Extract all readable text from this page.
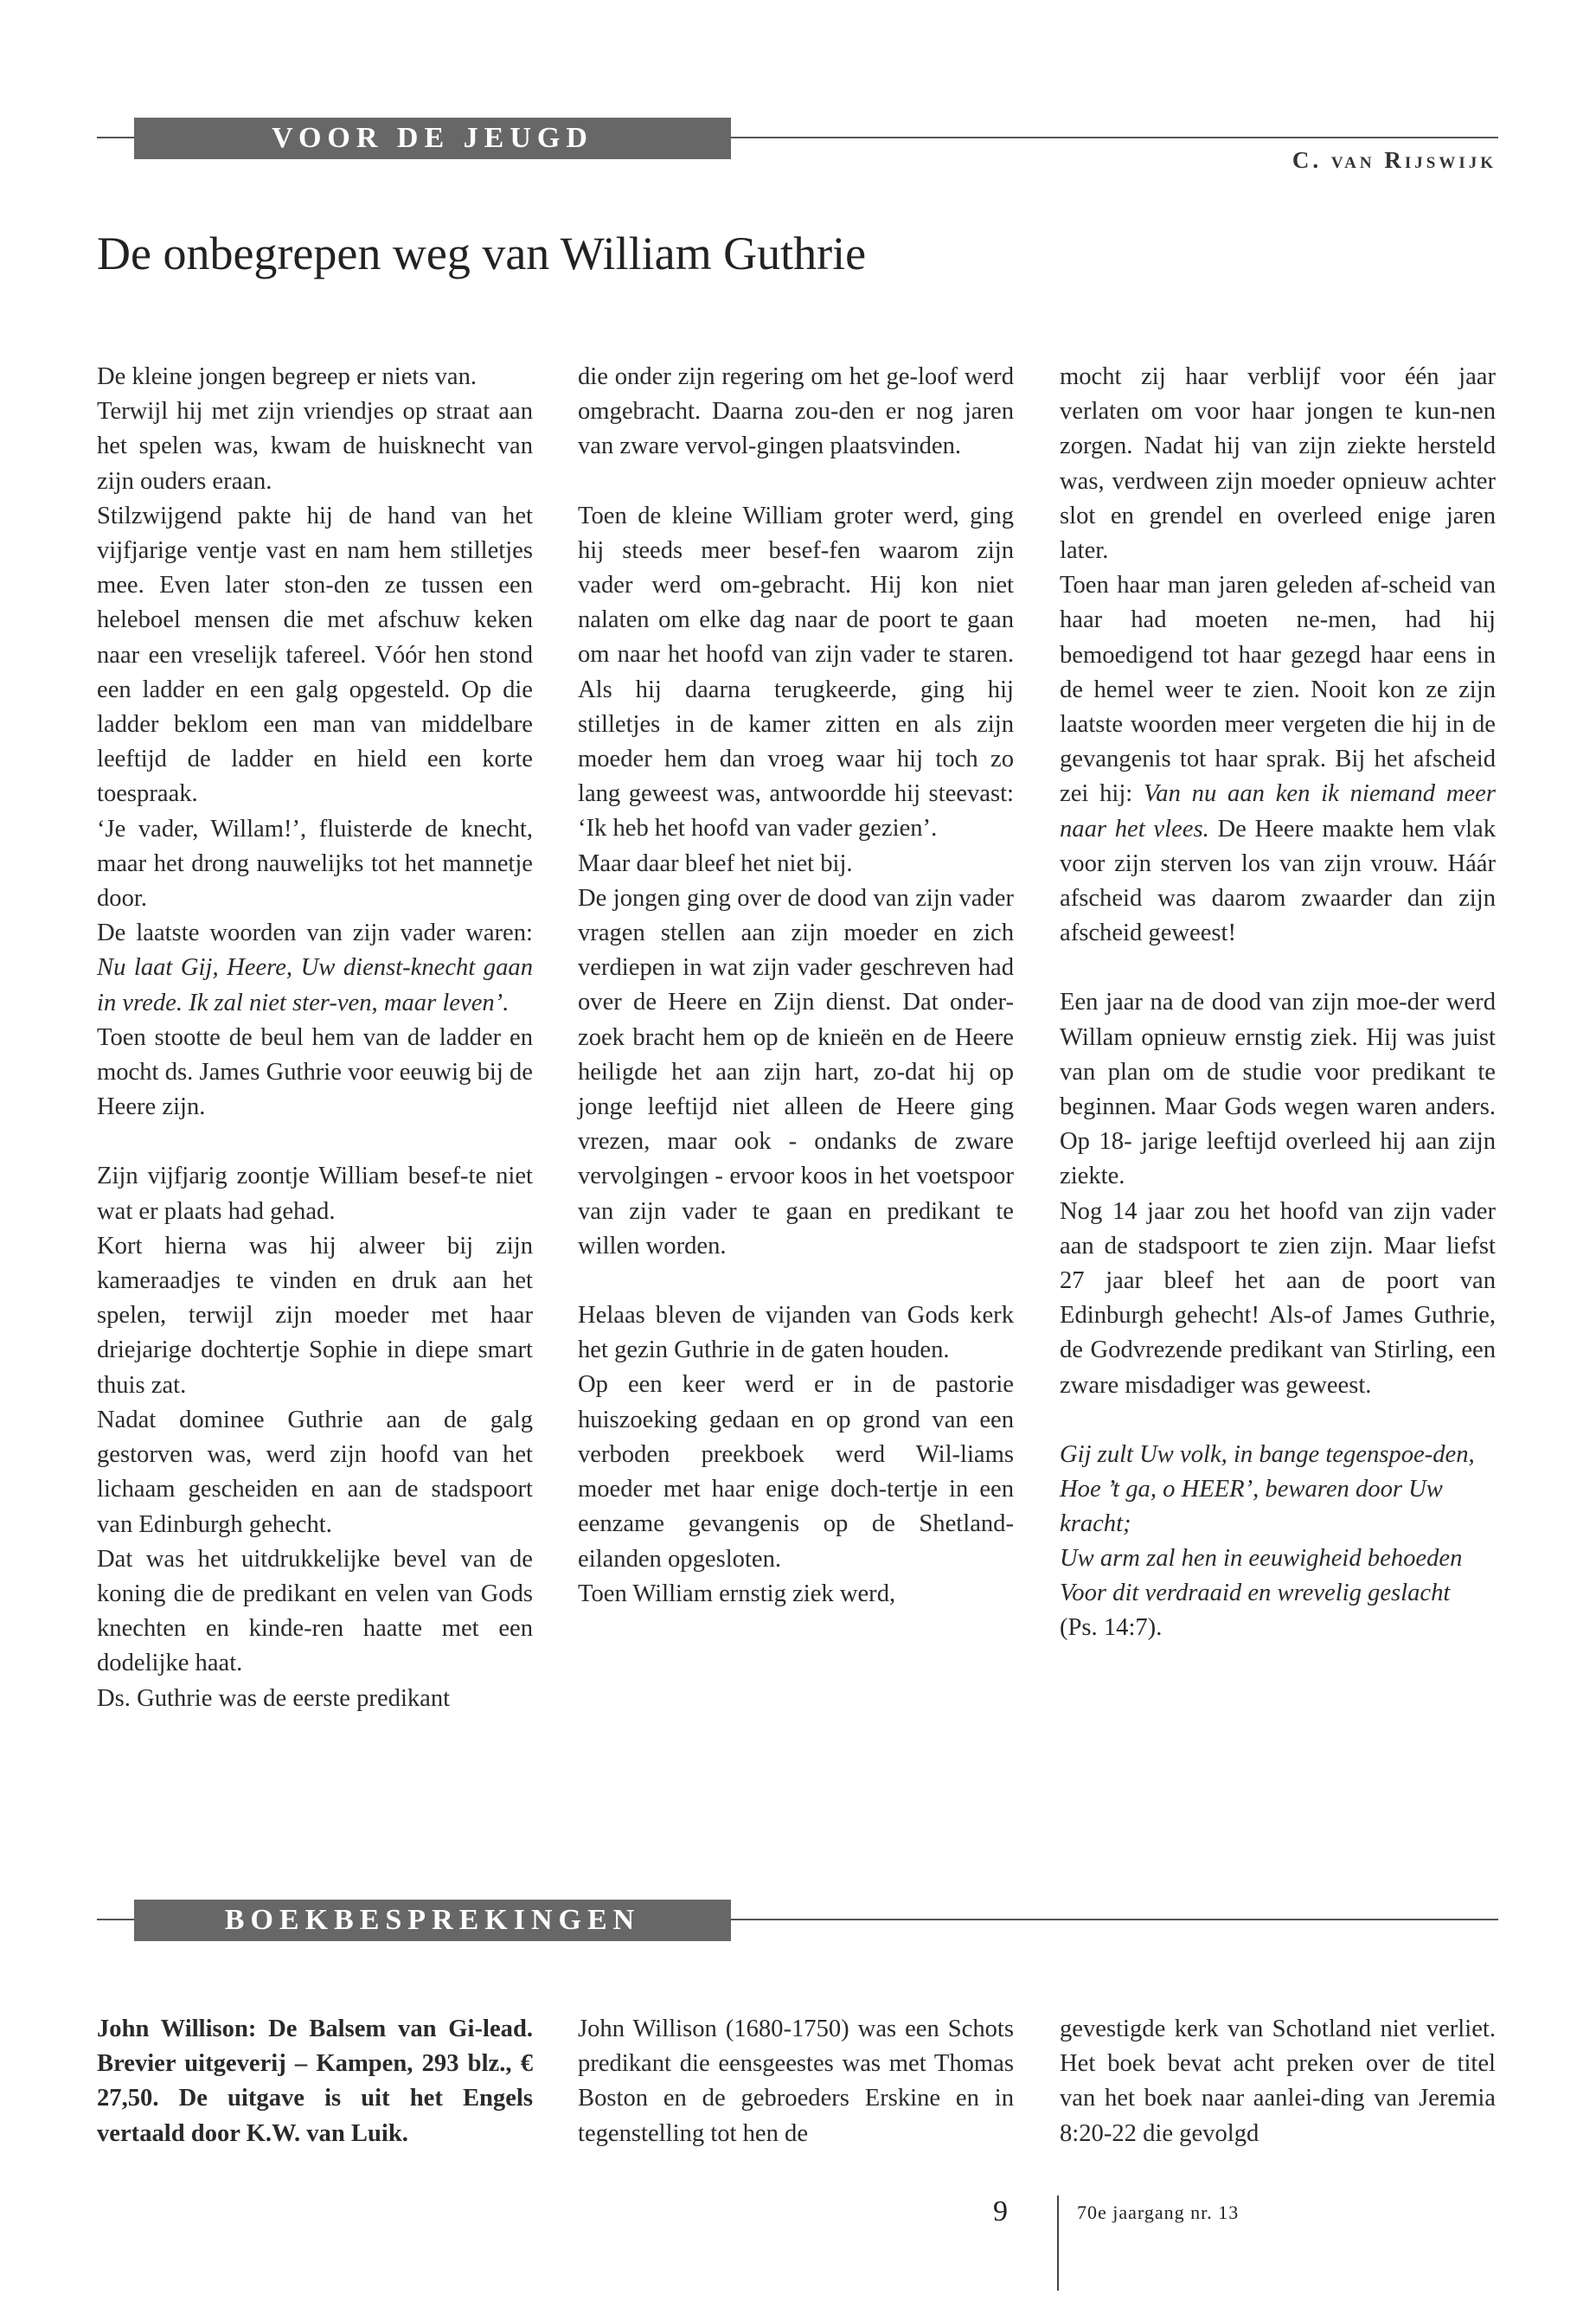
VOOR DE JEUGD
C. van Rijswijk
De onbegrepen weg van William Guthrie

De kleine jongen begreep er niets van.

Terwijl hij met zijn vriendjes op straat aan het spelen was, kwam de huisknecht van zijn ouders eraan.

Stilzwijgend pakte hij de hand van het vijfjarige ventje vast en nam hem stilletjes mee. Even later ston-den ze tussen een heleboel mensen die met afschuw keken naar een vreselijk tafereel. Vóór hen stond een ladder en een galg opgesteld. Op die ladder beklom een man van middelbare leeftijd de ladder en hield een korte toespraak.

‘Je vader, Willam!’, fluisterde de knecht, maar het drong nauwelijks tot het mannetje door.

De laatste woorden van zijn vader waren: Nu laat Gij, Heere, Uw dienst-knecht gaan in vrede. Ik zal niet ster-ven, maar leven’.

Toen stootte de beul hem van de ladder en mocht ds. James Guthrie voor eeuwig bij de Heere zijn.

Zijn vijfjarig zoontje William besef-te niet wat er plaats had gehad.

Kort hierna was hij alweer bij zijn kameraadjes te vinden en druk aan het spelen, terwijl zijn moeder met haar driejarige dochtertje Sophie in diepe smart thuis zat.

Nadat dominee Guthrie aan de galg gestorven was, werd zijn hoofd van het lichaam gescheiden en aan de stadspoort van Edinburgh gehecht.

Dat was het uitdrukkelijke bevel van de koning die de predikant en velen van Gods knechten en kinde-ren haatte met een dodelijke haat.

Ds. Guthrie was de eerste predikant

die onder zijn regering om het ge-loof werd omgebracht. Daarna zou-den er nog jaren van zware vervol-gingen plaatsvinden.

Toen de kleine William groter werd, ging hij steeds meer besef-fen waarom zijn vader werd om-gebracht. Hij kon niet nalaten om elke dag naar de poort te gaan om naar het hoofd van zijn vader te staren. Als hij daarna terugkeerde, ging hij stilletjes in de kamer zitten en als zijn moeder hem dan vroeg waar hij toch zo lang geweest was, antwoordde hij steevast: ‘Ik heb het hoofd van vader gezien’.

Maar daar bleef het niet bij.

De jongen ging over de dood van zijn vader vragen stellen aan zijn moeder en zich verdiepen in wat zijn vader geschreven had over de Heere en Zijn dienst. Dat onder-zoek bracht hem op de knieën en de Heere heiligde het aan zijn hart, zo-dat hij op jonge leeftijd niet alleen de Heere ging vrezen, maar ook - ondanks de zware vervolgingen - ervoor koos in het voetspoor van zijn vader te gaan en predikant te willen worden.

Helaas bleven de vijanden van Gods kerk het gezin Guthrie in de gaten houden.

Op een keer werd er in de pastorie huiszoeking gedaan en op grond van een verboden preekboek werd Wil-liams moeder met haar enige doch-tertje in een eenzame gevangenis op de Shetland-eilanden opgesloten.

Toen William ernstig ziek werd,

mocht zij haar verblijf voor één jaar verlaten om voor haar jongen te kun-nen zorgen. Nadat hij van zijn ziekte hersteld was, verdween zijn moeder opnieuw achter slot en grendel en overleed enige jaren later.

Toen haar man jaren geleden af-scheid van haar had moeten ne-men, had hij bemoedigend tot haar gezegd haar eens in de hemel weer te zien. Nooit kon ze zijn laatste woorden meer vergeten die hij in de gevangenis tot haar sprak. Bij het afscheid zei hij: Van nu aan ken ik niemand meer naar het vlees. De Heere maakte hem vlak voor zijn sterven los van zijn vrouw. Háár afscheid was daarom zwaarder dan zijn afscheid geweest!

Een jaar na de dood van zijn moe-der werd Willam opnieuw ernstig ziek. Hij was juist van plan om de studie voor predikant te beginnen. Maar Gods wegen waren anders. Op 18- jarige leeftijd overleed hij aan zijn ziekte.

Nog 14 jaar zou het hoofd van zijn vader aan de stadspoort te zien zijn. Maar liefst 27 jaar bleef het aan de poort van Edinburgh gehecht! Als-of James Guthrie, de Godvrezende predikant van Stirling, een zware misdadiger was geweest.

Gij zult Uw volk, in bange tegenspoe-den,
Hoe ’t ga, o HEER’, bewaren door Uw kracht;
Uw arm zal hen in eeuwigheid behoeden
Voor dit verdraaid en wrevelig geslacht
(Ps. 14:7).
BOEKBESPREKINGEN

John Willison: De Balsem van Gi-lead. Brevier uitgeverij – Kampen, 293 blz., € 27,50. De uitgave is uit het Engels vertaald door K.W. van Luik.

John Willison (1680-1750) was een Schots predikant die eensgeestes was met Thomas Boston en de gebroeders Erskine en in tegenstelling tot hen de

gevestigde kerk van Schotland niet verliet. Het boek bevat acht preken over de titel van het boek naar aanlei-ding van Jeremia 8:20-22 die gevolgd

9	70e jaargang nr. 13
